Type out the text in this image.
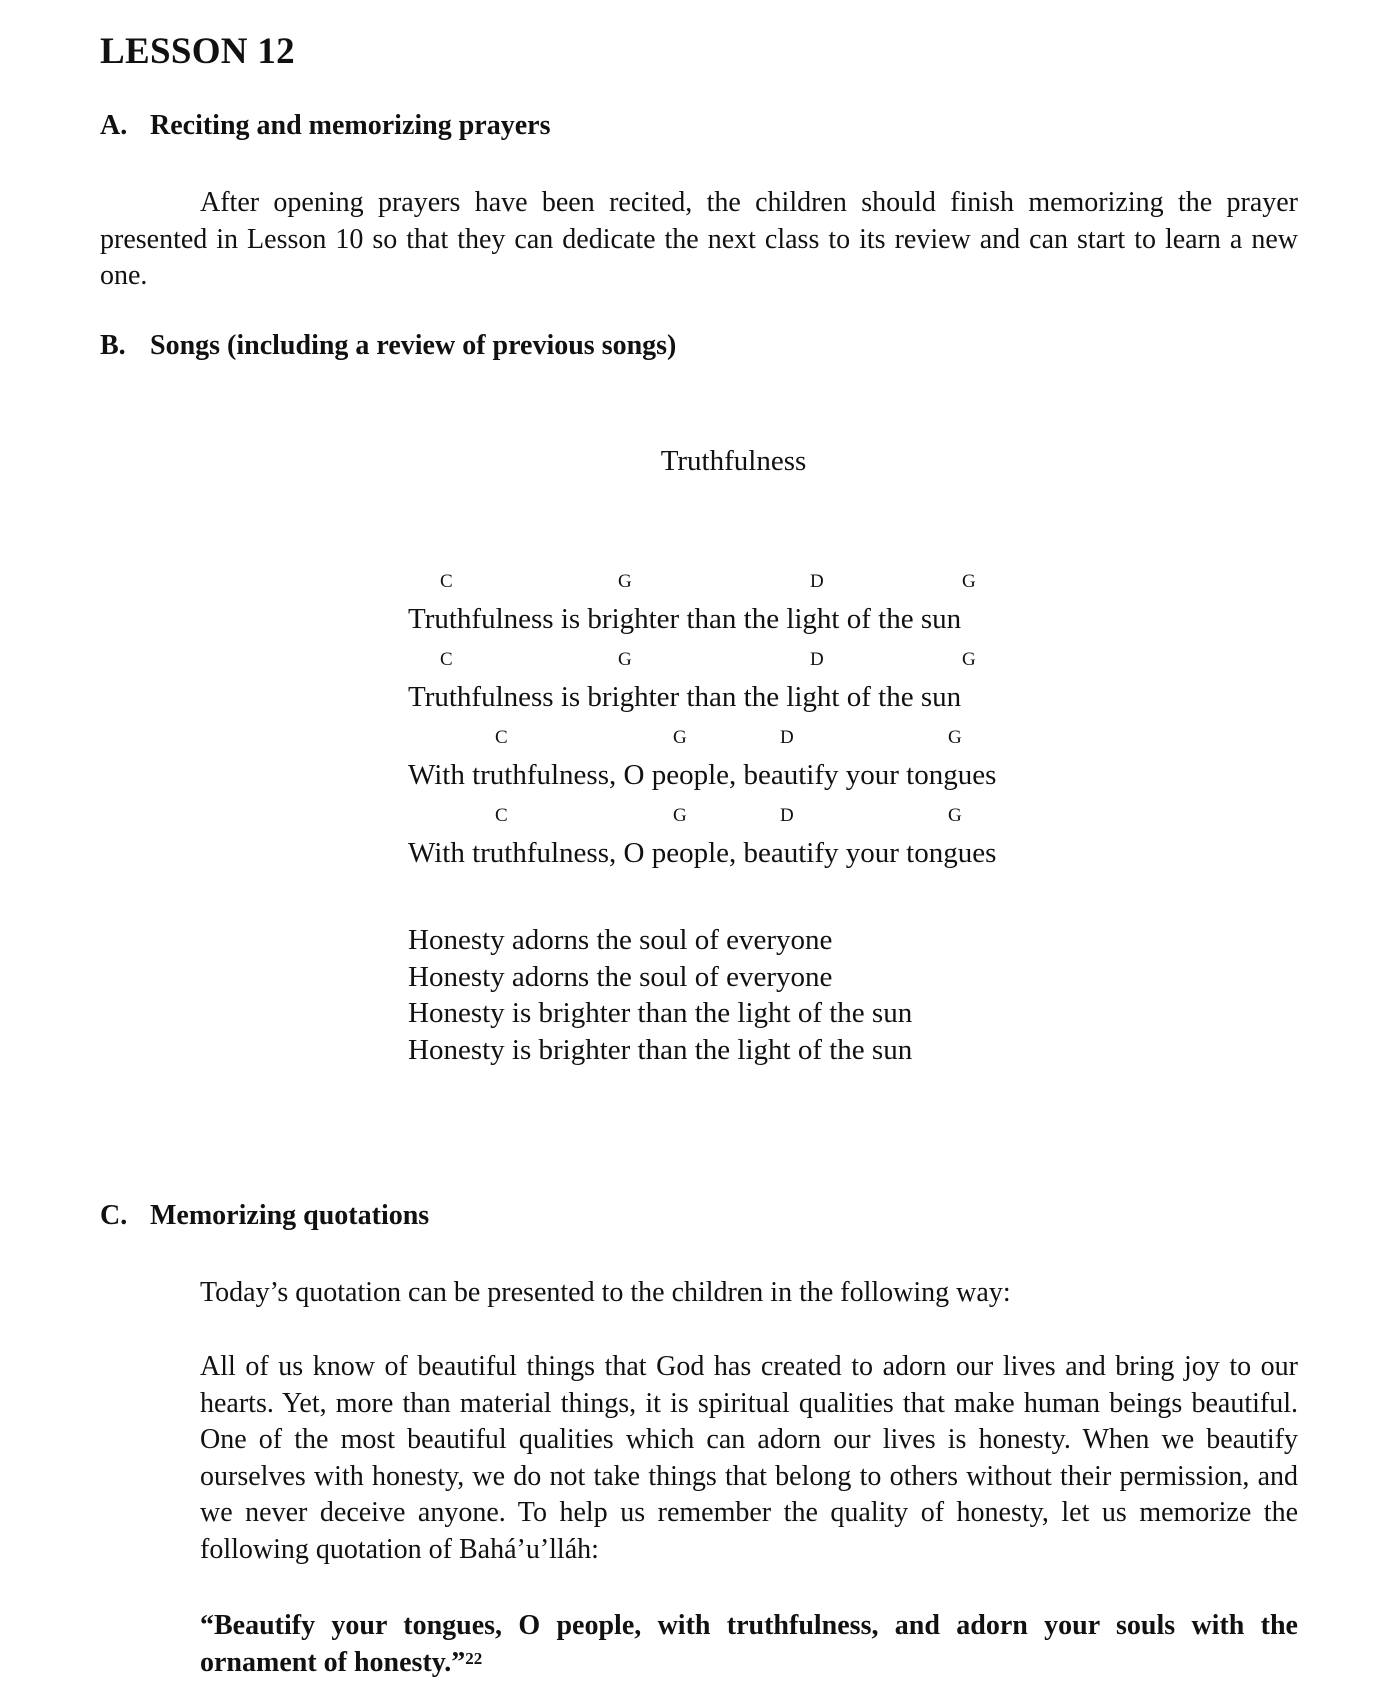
LESSON 12
A. Reciting and memorizing prayers

After opening prayers have been recited, the children should finish memorizing the prayer presented in Lesson 10 so that they can dedicate the next class to its review and can start to learn a new one.

B. Songs (including a review of previous songs)
Truthfulness
C	G	D	G
Truthfulness is brighter than the light of the sun
C	G	D	G
Truthfulness is brighter than the light of the sun
C	G	D	G
With truthfulness, O people, beautify your tongues
C	G	D	G
With truthfulness, O people, beautify your tongues
Honesty adorns the soul of everyone
Honesty adorns the soul of everyone
Honesty is brighter than the light of the sun
Honesty is brighter than the light of the sun
C. Memorizing quotations

Today’s quotation can be presented to the children in the following way:

All of us know of beautiful things that God has created to adorn our lives and bring joy to our hearts. Yet, more than material things, it is spiritual qualities that make human beings beautiful. One of the most beautiful qualities which can adorn our lives is honesty. When we beautify ourselves with honesty, we do not take things that belong to others without their permission, and we never deceive anyone. To help us remember the quality of honesty, let us memorize the following quotation of Bahá’u’lláh:

“Beautify your tongues, O people, with truthfulness, and adorn your souls with the ornament of honesty.”$^{22}$
